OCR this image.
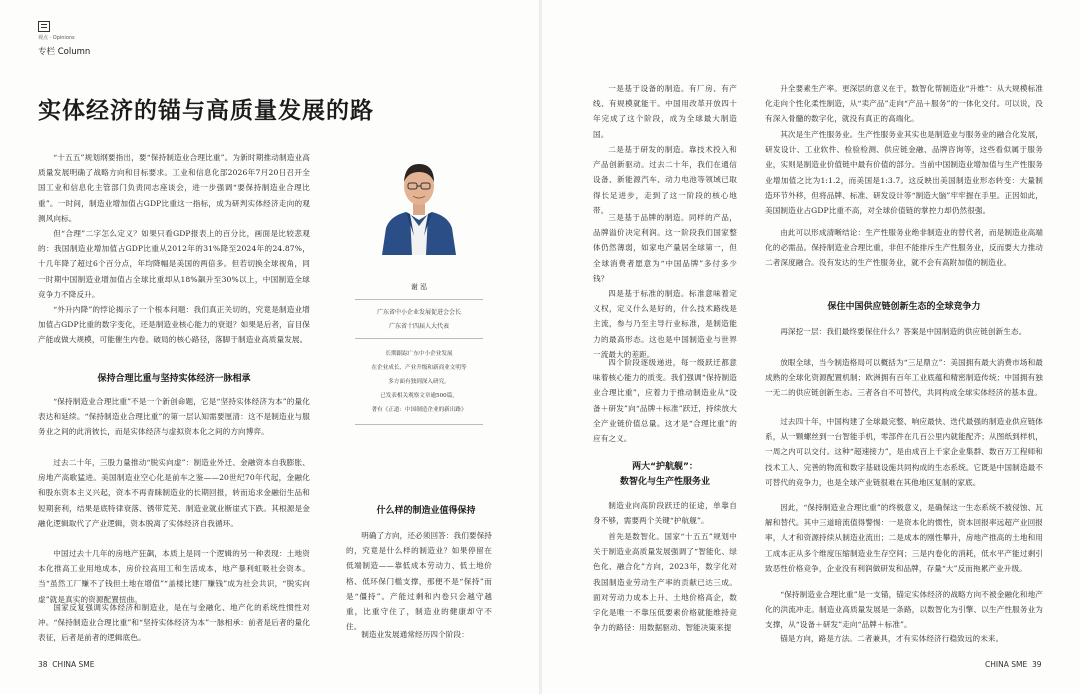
观点 · Opinions
专栏 Column
实体经济的锚与高质量发展的路

“十五五”规划纲要指出，要“保持制造业合理比重”。为新时期推动制造业高质量发展明确了战略方向和目标要求。工业和信息化部2026年7月20日召开全国工业和信息化主管部门负责同志座谈会，进一步强调“要保持制造业合理比重”。一时间，制造业增加值占GDP比重这一指标，成为研判实体经济走向的观测风向标。

但“合理”二字怎么定义？如果只看GDP报表上的百分比，画面是比较悲观的：我国制造业增加值占GDP比重从2012年的31%降至2024年的24.87%，十几年降了超过6个百分点，年均降幅是美国的两倍多。但若切换全球视角，同一时期中国制造业增加值占全球比重却从18%飙升至30%以上，中国制造全球竞争力不降反升。

“外升内降”的悖论揭示了一个根本问题：我们真正关切的，究竟是制造业增加值占GDP比重的数字变化，还是制造业核心能力的衰退？如果是后者，盲目保产能或做大规模，可能催生内卷。破局的核心路径，落脚于制造业高质量发展。

保持合理比重与坚持实体经济一脉相承

“保持制造业合理比重”不是一个新创命题，它是“坚持实体经济为本”的量化表达和延续。“保持制造业合理比重”的第一层认知需要厘清：这不是制造业与服务业之间的此消彼长，而是实体经济与虚拟资本化之间的方向博弈。

过去二十年，三股力量推动“脱实向虚”：制造业外迁、金融资本自我膨胀、房地产高歌猛进。美国制造业空心化是前车之鉴——20世纪70年代起，金融化和股东资本主义兴起，资本不再青睐制造业的长期回报，转而追求金融衍生品和短期套利，结果是底特律衰落、锈带荒芜、制造业就业断崖式下跌。其根源是金融化逻辑取代了产业逻辑，资本脱离了实体经济自我循环。

中国过去十几年的房地产狂飙，本质上是同一个逻辑的另一种表现：土地资本化推高工业用地成本，房价拉高用工和生活成本，地产暴利虹吸社会资本。当“虽然工厂赚不了钱但土地在增值”“盖楼比建厂赚钱”成为社会共识，“脱实向虚”就是真实的资源配置扭曲。

国家反复强调实体经济和制造业，是在与金融化、地产化的系统性惯性对冲。“保持制造业合理比重”和“坚持实体经济为本”一脉相承：前者是后者的量化表征，后者是前者的逻辑底色。

谢 泓
广东省中小企业发展促进会会长
广东省十四届人大代表
长期跟踪广东中小企业发展
在企业成长、产业升级和新商业文明等
多方面有独到深入研究。
已发表相关观察文章逾500篇，
著有《正道：中国制造企业的新出路》
什么样的制造业值得保持

明确了方向，还必须回答：我们要保持的，究竟是什么样的制造业？如果停留在低端制造——靠低成本劳动力、低土地价格、低环保门槛支撑，那便不是“保持”而是“僵持”。产能过剩和内卷只会越守越重，比重守住了，制造业的健康却守不住。

制造业发展通常经历四个阶段：

38  CHINA SME	CHINA SME  39

一是基于设备的制造。有厂房、有产线、有规模就能干。中国用改革开放四十年完成了这个阶段，成为全球最大制造国。

二是基于研发的制造。靠技术投入和产品创新驱动。过去二十年，我们在通信设备、新能源汽车、动力电池等领域已取得长足进步，走到了这一阶段的核心地带。

三是基于品牌的制造。同样的产品，品牌溢价决定利润。这一阶段我们国家整体仍然薄弱，如家电产量居全球第一，但全球消费者愿意为“中国品牌”多付多少钱？

四是基于标准的制造。标准意味着定义权，定义什么是好的，什么技术路线是主流，参与乃至主导行业标准，是制造能力的最高形态。这也是中国制造业与世界一流最大的差距。

四个阶段逐级递进，每一级跃迁都意味着核心能力的质变。我们强调“保持制造业合理比重”，应着力于推动制造业从“设备＋研发”向“品牌＋标准”跃迁，持续放大全产业链价值总量。这才是“合理比重”的应有之义。

两大“护航舰”：
数智化与生产性服务业

制造业向高阶段跃迁的征途，单靠自身不够，需要两个关键“护航舰”。

首先是数智化。国家“十五五”规划中关于制造业高质量发展强调了“智能化、绿色化、融合化”方向，2023年，数字化对我国制造业劳动生产率的贡献已达三成。面对劳动力成本上升、土地价格高企，数字化是唯一不靠压低要素价格就能维持竞争力的路径：用数据驱动、智能决策来提

升全要素生产率。更深层的意义在于，数智化帮制造业“升维”：从大规模标准化走向个性化柔性制造，从“卖产品”走向“产品＋服务”的一体化交付。可以说，没有深入骨髓的数字化，就没有真正的高端化。

其次是生产性服务业。生产性服务业其实也是制造业与服务业的融合化发展，研发设计、工业软件、检验检测、供应链金融、品牌咨询等，这些看似属于服务业，实则是制造业价值链中最有价值的部分。当前中国制造业增加值与生产性服务业增加值之比为1:1.2，而美国是1:3.7。这反映出美国制造业形态转变：大量制造环节外移，但将品牌、标准、研发设计等“制造大脑”牢牢握在手里。正因如此，美国制造业占GDP比重不高，对全球价值链的掌控力却仍然很强。

由此可以形成清晰结论：生产性服务业绝非制造业的替代者，而是制造业高端化的必需品。保持制造业合理比重，非但不能排斥生产性服务业，反而要大力推动二者深度融合。没有发达的生产性服务业，就不会有高附加值的制造业。

保住中国供应链创新生态的全球竞争力

再深挖一层：我们最终要保住什么？答案是中国制造的供应链创新生态。

放眼全球，当今制造格局可以概括为“三足鼎立”：美国拥有最大消费市场和最成熟的全球化资源配置机制；欧洲拥有百年工业底蕴和精密制造传统；中国拥有独一无二的供应链创新生态。三者各自不可替代，共同构成全球实体经济的基本盘。

过去四十年，中国构建了全球最完整、响应最快、迭代最强的制造业供应链体系，从一颗螺丝到一台智能手机，零部件在几百公里内就能配齐；从图纸到样机，一周之内可以交付。这种“超速接力”，是由成百上千家企业集群、数百万工程师和技术工人、完善的物流和数字基础设施共同构成的生态系统。它既是中国制造最不可替代的竞争力，也是全球产业链很难在其他地区复制的家底。

因此，“保持制造业合理比重”的终极意义，是确保这一生态系统不被侵蚀、瓦解和替代。其中三道暗流值得警惕：一是资本化的惯性，资本回报率远超产业回报率，人才和资源持续从制造业流出；二是成本的刚性攀升，房地产推高的土地和用工成本正从多个维度压缩制造业生存空间；三是内卷化的消耗，低水平产能过剩引致恶性价格竞争，企业没有利润做研发和品牌，存量“大”反而拖累产业升级。

“保持制造业合理比重”是一支锚，锚定实体经济的战略方向不被金融化和地产化的洪流冲走。制造业高质量发展是一条路，以数智化为引擎、以生产性服务业为支撑，从“设备＋研发”走向“品牌＋标准”。

锚是方向，路是方法。二者兼具，才有实体经济行稳致远的未来。
